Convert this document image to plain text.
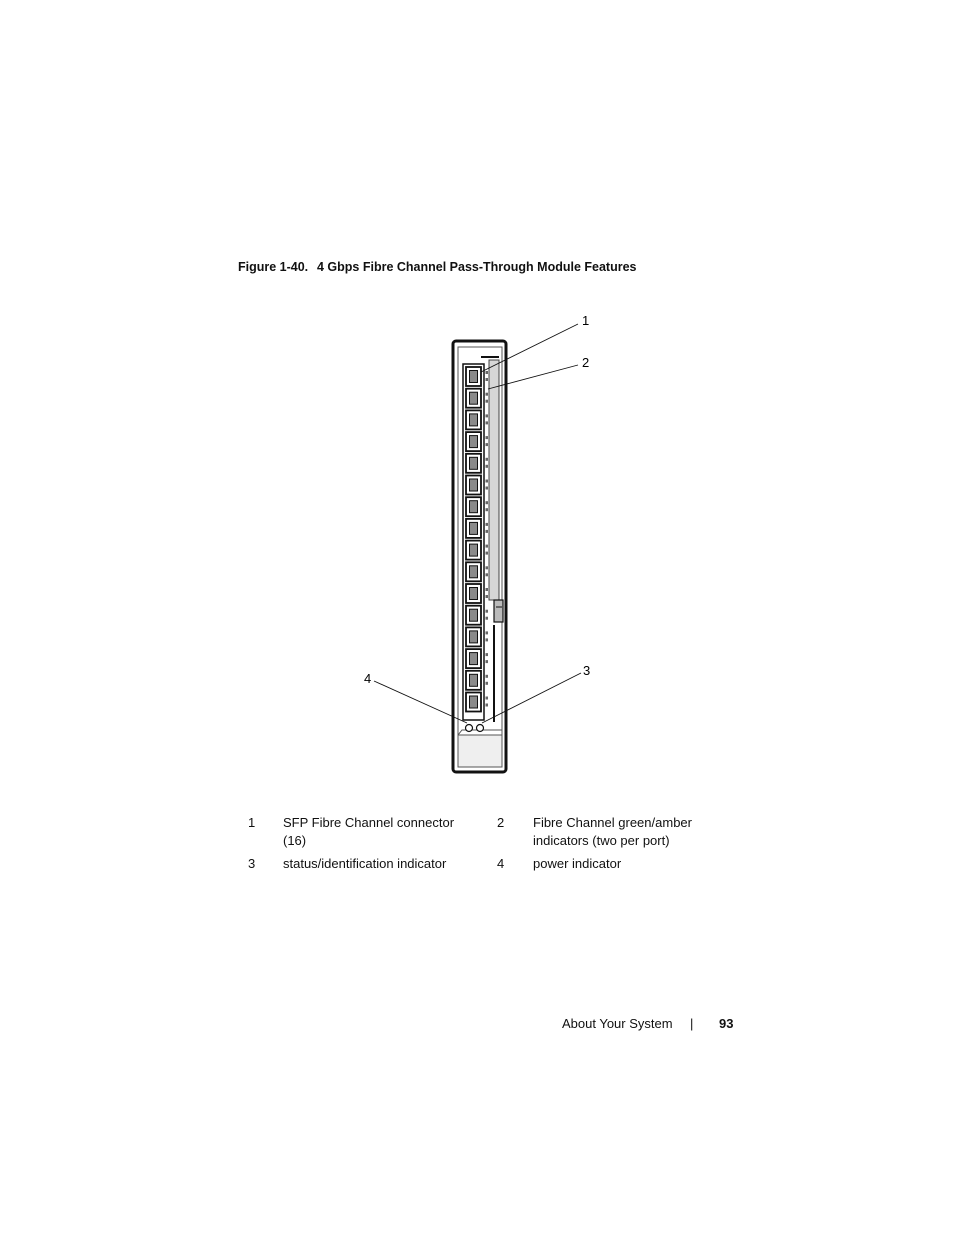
Figure 1-40. 4 Gbps Fibre Channel Pass-Through Module Features
1
2
3
4
1 SFP Fibre Channel connector (16)
2 Fibre Channel green/amber indicators (two per port)
3 status/identification indicator	4 power indicator
About Your System | 93
